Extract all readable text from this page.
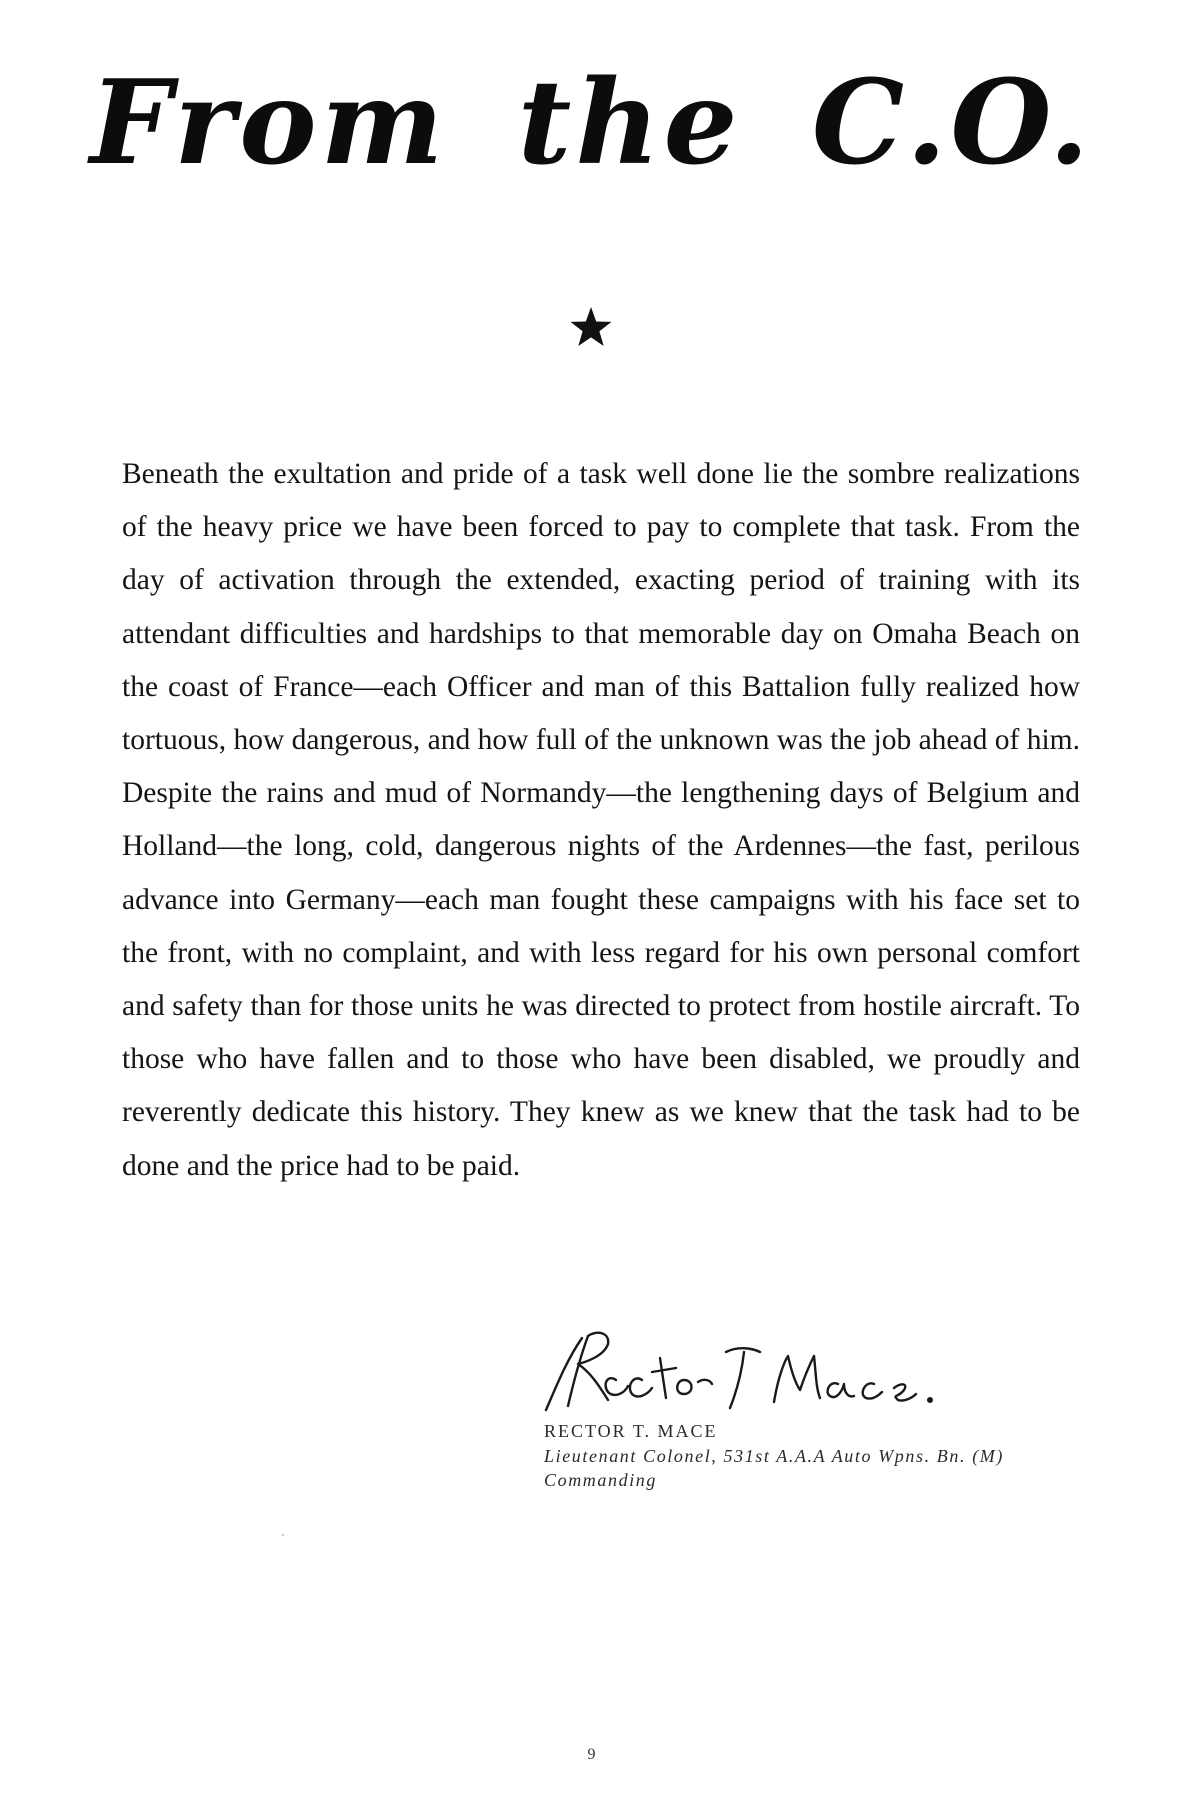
From the C.O.

Beneath the exultation and pride of a task well done lie the sombre realizations of the heavy price we have been forced to pay to complete that task. From the day of activation through the extended, exacting period of training with its attendant difficulties and hardships to that memorable day on Omaha Beach on the coast of France—each Officer and man of this Battalion fully realized how tortuous, how dangerous, and how full of the unknown was the job ahead of him. Despite the rains and mud of Normandy—the lengthening days of Belgium and Holland—the long, cold, dangerous nights of the Ardennes—the fast, perilous advance into Germany—each man fought these campaigns with his face set to the front, with no complaint, and with less regard for his own personal comfort and safety than for those units he was directed to protect from hostile aircraft. To those who have fallen and to those who have been disabled, we proudly and reverently dedicate this history. They knew as we knew that the task had to be done and the price had to be paid.

RECTOR T. MACE

Lieutenant Colonel, 531st A.A.A Auto Wpns. Bn. (M)

Commanding

9
